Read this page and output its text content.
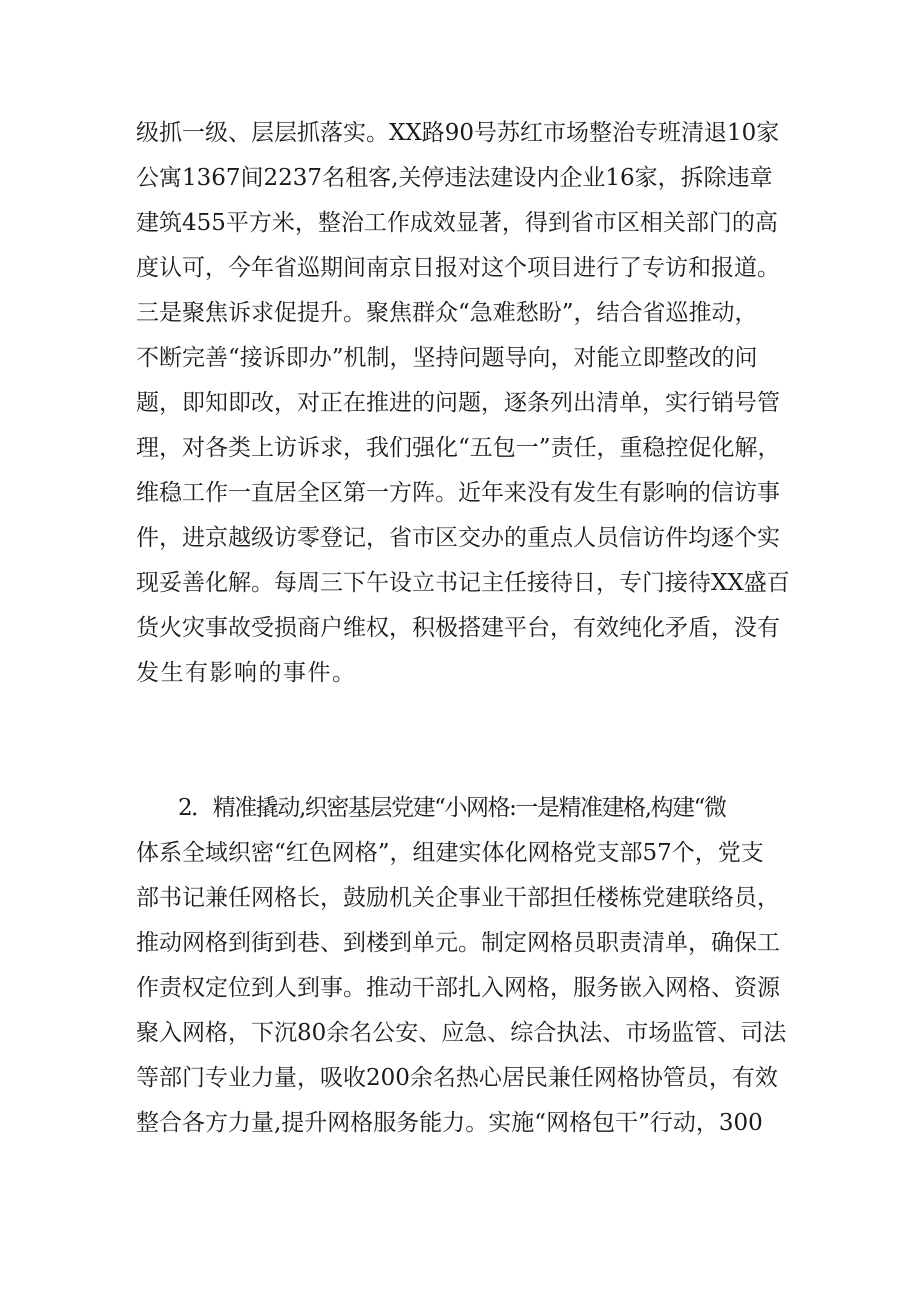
级抓一级、层层抓落实。XX路90号苏红市场整治专班清退10家
公寓1367间2237名租客,关停违法建设内企业16家，拆除违章
建筑455平方米，整治工作成效显著，得到省市区相关部门的高
度认可，今年省巡期间南京日报对这个项目进行了专访和报道。
三是聚焦诉求促提升。聚焦群众“急难愁盼”，结合省巡推动，
不断完善“接诉即办”机制，坚持问题导向，对能立即整改的问
题，即知即改，对正在推进的问题，逐条列出清单，实行销号管
理，对各类上访诉求，我们强化“五包一”责任，重稳控促化解，
维稳工作一直居全区第一方阵。近年来没有发生有影响的信访事
件，进京越级访零登记，省市区交办的重点人员信访件均逐个实
现妥善化解。每周三下午设立书记主任接待日，专门接待XX盛百
货火灾事故受损商户维权，积极搭建平台，有效纯化矛盾，没有
发生有影响的事件。
2．精准撬动,织密基层党建“小网格:一是精准建格,构建“微
体系全域织密“红色网格”，组建实体化网格党支部57个，党支
部书记兼任网格长，鼓励机关企事业干部担任楼栋党建联络员，
推动网格到街到巷、到楼到单元。制定网格员职责清单，确保工
作责权定位到人到事。推动干部扎入网格，服务嵌入网格、资源
聚入网格，下沉80余名公安、应急、综合执法、市场监管、司法
等部门专业力量，吸收200余名热心居民兼任网格协管员，有效
整合各方力量,提升网格服务能力。实施“网格包干”行动，300
